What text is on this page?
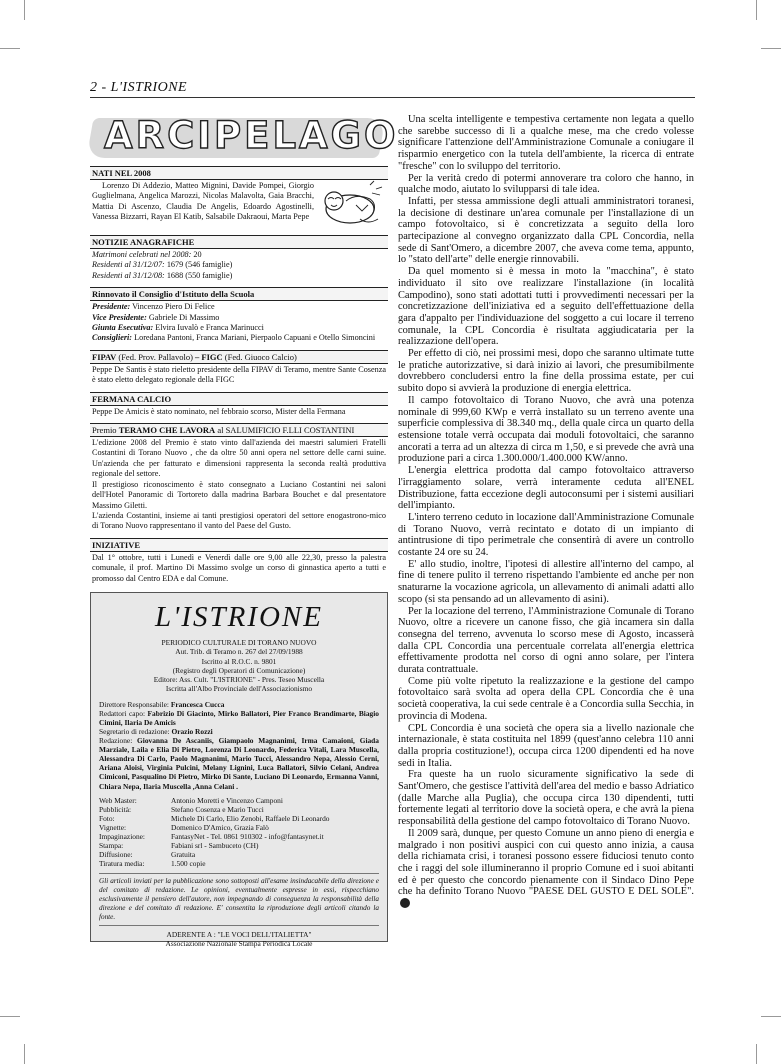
2 - L'ISTRIONE
ARCIPELAGO
NATI NEL 2008
Lorenzo Di Addezio, Matteo Mignini, Davide Pompei, Giorgio Guglielmana, Angelica Marozzi, Nicolas Malavolta, Gaia Bracchi, Mattia Di Ascenzo, Claudia De Angelis, Edoardo Agostinelli, Vanessa Bizzarri, Rayan El Katib, Salsabile Dakraoui, Marta Pepe
NOTIZIE ANAGRAFICHE
Matrimoni celebrati nel 2008: 20
Residenti al 31/12/07: 1679 (546 famiglie)
Residenti al 31/12/08: 1688 (550 famiglie)
Rinnovato il Consiglio d'Istituto della Scuola
Presidente: Vincenzo Piero Di Felice
Vice Presidente: Gabriele Di Massimo
Giunta Esecutiva: Elvira Iuvalò e Franca Marinucci
Consiglieri: Loredana Pantoni, Franca Mariani, Pierpaolo Capuani e Otello Simoncini
FIPAV (Fed. Prov. Pallavolo) – FIGC (Fed. Giuoco Calcio)
Peppe De Santis è stato rieletto presidente della FIPAV di Teramo, mentre Sante Cosenza è stato eletto delegato regionale della FIGC
FERMANA CALCIO
Peppe De Amicis è stato nominato, nel febbraio scorso, Mister della Fermana
Premio TERAMO CHE LAVORA al SALUMIFICIO F.LLI COSTANTINI

L'edizione 2008 del Premio è stato vinto dall'azienda dei maestri salumieri Fratelli Costantini di Torano Nuovo , che da oltre 50 anni opera nel settore delle carni suine. Un'azienda che per fatturato e dimensioni rappresenta la seconda realtà produttiva regionale del settore.

Il prestigioso riconoscimento è stato consegnato a Luciano Costantini nei saloni dell'Hotel Panoramic di Tortoreto dalla madrina Barbara Bouchet e dal presentatore Massimo Giletti.

L'azienda Costantini, insieme ai tanti prestigiosi operatori del settore enogastrono-mico di Torano Nuovo rappresentano il vanto del Paese del Gusto.

INIZIATIVE
Dal 1° ottobre, tutti i Lunedì e Venerdì dalle ore 9,00 alle 22,30, presso la palestra comunale, il prof. Martino Di Massimo svolge un corso di ginnastica aperto a tutti e promosso dal Centro EDA e dal Comune.
L'ISTRIONE
PERIODICO CULTURALE DI TORANO NUOVO
Aut. Trib. di Teramo n. 267 del 27/09/1988
Iscritto al R.O.C. n. 9801
(Registro degli Operatori di Comunicazione)
Editore: Ass. Cult. "L'ISTRIONE" - Pres. Teseo Muscella
Iscritta all'Albo Provinciale dell'Associazionismo
Direttore Responsabile: Francesca Cucca
Redattori capo: Fabrizio Di Giacinto, Mirko Ballatori, Pier Franco Brandimarte, Biagio Cimini, Ilaria De Amicis
Segretario di redazione: Orazio Rozzi
Redazione: Giovanna De Ascaniis, Giampaolo Magnanimi, Irma Camaioni, Giada Marziale, Laila e Elia Di Pietro, Lorenza Di Leonardo, Federica Vitali, Lara Muscella, Alessandra Di Carlo, Paolo Magnanimi, Mario Tucci, Alessandro Nepa, Alessio Cerni, Ariana Aloisi, Virginia Pulcini, Melany Lignini, Luca Ballatori, Silvio Celani, Andrea Cimiconi, Pasqualino Di Pietro, Mirko Di Sante, Luciano Di Leonardo, Ermanna Vanni, Chiara Nepa, Ilaria Muscella ,Anna Celani .
Web Master:	Antonio Moretti e Vincenzo Camponi
Pubblicità:	Stefano Cosenza e Mario Tucci
Foto:	Michele Di Carlo, Elio Zenobi, Raffaele Di Leonardo
Vignette:	Domenico D'Amico, Grazia Falò
Impaginazione:	FantasyNet - Tel. 0861 910302 - info@fantasynet.it
Stampa:	Fabiani srl - Sambuceto (CH)
Diffusione:	Gratuita
Tiratura media:	1.500 copie
Gli articoli inviati per la pubblicazione sono sottoposti all'esame insindacabile della direzione e del comitato di redazione. Le opinioni, eventualmente espresse in essi, rispecchiano esclusivamente il pensiero dell'autore, non impegnando di conseguenza la responsabilità della direzione e del comitato di redazione. E' consentita la riproduzione degli articoli citando la fonte.
ADERENTE A : "LE VOCI DELL'ITALIETTA"
Associazione Nazionale Stampa Periodica Locale

Una scelta intelligente e tempestiva certamente non legata a quello che sarebbe successo di lì a qualche mese, ma che credo volesse significare l'attenzione dell'Amministrazione Comunale a coniugare il risparmio energetico con la tutela dell'ambiente, la ricerca di entrate "fresche" con lo sviluppo del territorio.

Per la verità credo di potermi annoverare tra coloro che hanno, in qualche modo, aiutato lo svilupparsi di tale idea.

Infatti, per stessa ammissione degli attuali amministratori toranesi, la decisione di destinare un'area comunale per l'installazione di un campo fotovoltaico, si è concretizzata a seguito della loro partecipazione al convegno organizzato dalla CPL Concordia, nella sede di Sant'Omero, a dicembre 2007, che aveva come tema, appunto, lo "stato dell'arte" delle energie rinnovabili.

Da quel momento si è messa in moto la "macchina", è stato individuato il sito ove realizzare l'installazione (in località Campodino), sono stati adottati tutti i provvedimenti necessari per la concretizzazione dell'iniziativa ed a seguito dell'effettuazione della gara d'appalto per l'individuazione del soggetto a cui locare il terreno comunale, la CPL Concordia è risultata aggiudicataria per la realizzazione dell'opera.

Per effetto di ciò, nei prossimi mesi, dopo che saranno ultimate tutte le pratiche autorizzative, si darà inizio ai lavori, che presumibilmente dovrebbero concludersi entro la fine della prossima estate, per cui subito dopo si avvierà la produzione di energia elettrica.

Il campo fotovoltaico di Torano Nuovo, che avrà una potenza nominale di 999,60 KWp e verrà installato su un terreno avente una superficie complessiva di 38.340 mq., della quale circa un quarto della estensione totale verrà occupata dai moduli fotovoltaici, che saranno ancorati a terra ad un altezza di circa m 1,50, e si prevede che avrà una produzione pari a circa 1.300.000/1.400.000 KW/anno.

L'energia elettrica prodotta dal campo fotovoltaico attraverso l'irraggiamento solare, verrà interamente ceduta all'ENEL Distribuzione, fatta eccezione degli autoconsumi per i sistemi ausiliari dell'impianto.

L'intero terreno ceduto in locazione dall'Amministrazione Comunale di Torano Nuovo, verrà recintato e dotato di un impianto di antintrusione di tipo perimetrale che consentirà di avere un controllo costante 24 ore su 24.

E' allo studio, inoltre, l'ipotesi di allestire all'interno del campo, al fine di tenere pulito il terreno rispettando l'ambiente ed anche per non snaturarne la vocazione agricola, un allevamento di animali adatti allo scopo (si sta pensando ad un allevamento di asini).

Per la locazione del terreno, l'Amministrazione Comunale di Torano Nuovo, oltre a ricevere un canone fisso, che già incamera sin dalla consegna del terreno, avvenuta lo scorso mese di Agosto, incasserà dalla CPL Concordia una percentuale correlata all'energia elettrica effettivamente prodotta nel corso di ogni anno solare, per l'intera durata contrattuale.

Come più volte ripetuto la realizzazione e la gestione del campo fotovoltaico sarà svolta ad opera della CPL Concordia che è una società cooperativa, la cui sede centrale è a Concordia sulla Secchia, in provincia di Modena.

CPL Concordia è una società che opera sia a livello nazionale che internazionale, è stata costituita nel 1899 (quest'anno celebra 110 anni dalla propria costituzione!), occupa circa 1200 dipendenti ed ha nove sedi in Italia.

Fra queste ha un ruolo sicuramente significativo la sede di Sant'Omero, che gestisce l'attività dell'area del medio e basso Adriatico (dalle Marche alla Puglia), che occupa circa 130 dipendenti, tutti fortemente legati al territorio dove la società opera, e che avrà la piena responsabilità della gestione del campo fotovoltaico di Torano Nuovo.

Il 2009 sarà, dunque, per questo Comune un anno pieno di energia e malgrado i non positivi auspici con cui questo anno inizia, a causa della richiamata crisi, i toranesi possono essere fiduciosi tenuto conto che i raggi del sole illumineranno il proprio Comune ed i suoi abitanti ed è per questo che concordo pienamente con il Sindaco Dino Pepe che ha definito Torano Nuovo "PAESE DEL GUSTO E DEL SOLE".
